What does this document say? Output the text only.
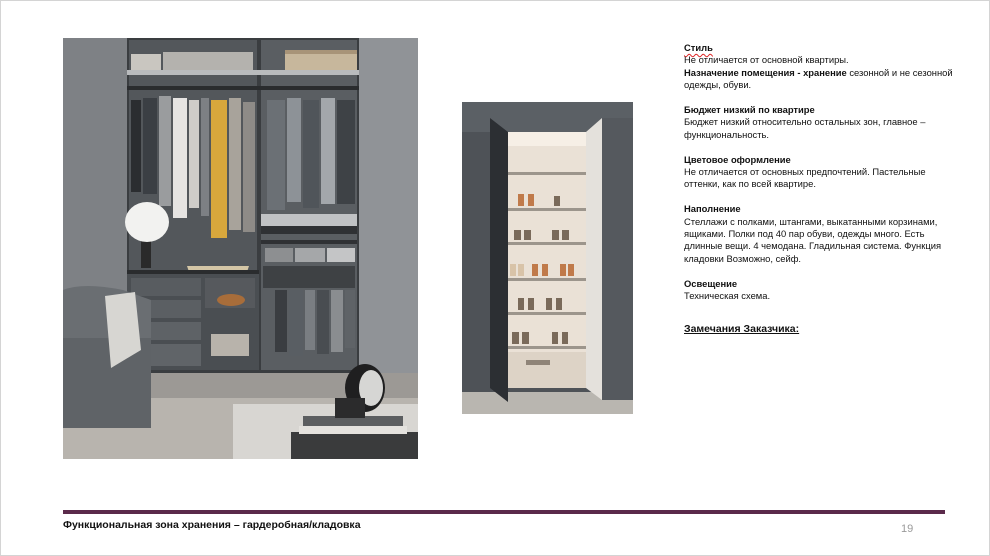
Стиль
Не отличается от основной квартиры.
Назначение помещения - хранение сезонной и не сезонной одежды, обуви.

Бюджет низкий по квартире
Бюджет низкий относительно остальных зон, главное – функциональность.

Цветовое оформление
Не отличается от основных предпочтений. Пастельные оттенки, как по всей квартире.

Наполнение
Стеллажи с полками, штангами, выкатанными корзинами, ящиками. Полки под 40 пар обуви, одежды много. Есть длинные вещи. 4 чемодана. Гладильная система. Функция кладовки Возможно, сейф.

Освещение
Техническая схема.

Замечания Заказчика:
Функциональная зона хранения – гардеробная/кладовка	19
